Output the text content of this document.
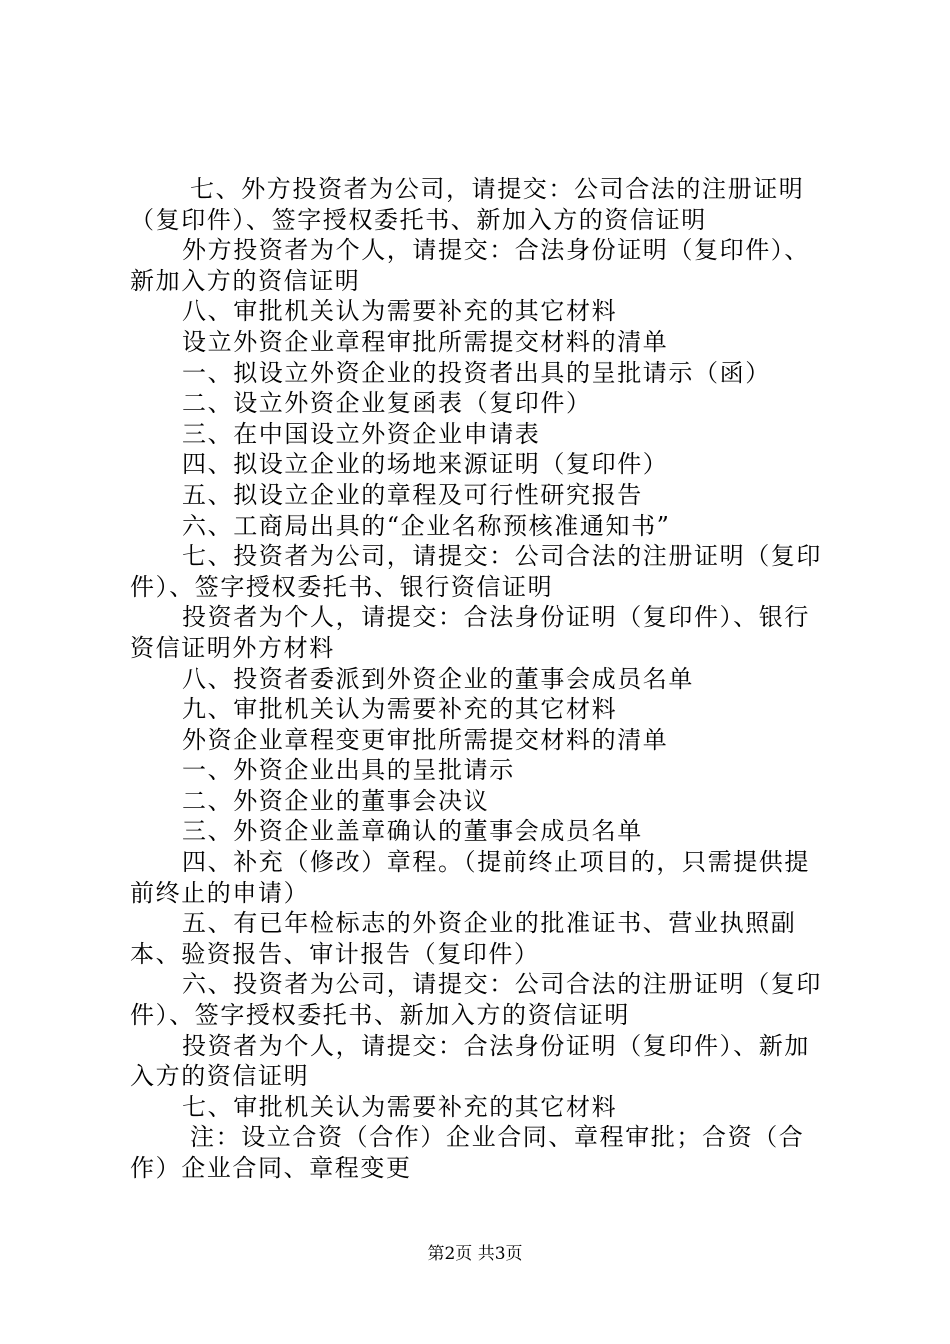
七、外方投资者为公司，请提交：公司合法的注册证明（复印件）、签字授权委托书、新加入方的资信证明

外方投资者为个人，请提交：合法身份证明（复印件）、新加入方的资信证明

八、审批机关认为需要补充的其它材料

设立外资企业章程审批所需提交材料的清单

一、拟设立外资企业的投资者出具的呈批请示（函）

二、设立外资企业复函表（复印件）

三、在中国设立外资企业申请表

四、拟设立企业的场地来源证明（复印件）

五、拟设立企业的章程及可行性研究报告

六、工商局出具的“企业名称预核准通知书”

七、投资者为公司，请提交：公司合法的注册证明（复印件）、签字授权委托书、银行资信证明

投资者为个人，请提交：合法身份证明（复印件）、银行资信证明外方材料

八、投资者委派到外资企业的董事会成员名单

九、审批机关认为需要补充的其它材料

外资企业章程变更审批所需提交材料的清单

一、外资企业出具的呈批请示

二、外资企业的董事会决议

三、外资企业盖章确认的董事会成员名单

四、补充（修改）章程。（提前终止项目的，只需提供提前终止的申请）

五、有已年检标志的外资企业的批准证书、营业执照副本、验资报告、审计报告（复印件）

六、投资者为公司，请提交：公司合法的注册证明（复印件）、签字授权委托书、新加入方的资信证明

投资者为个人，请提交：合法身份证明（复印件）、新加入方的资信证明

七、审批机关认为需要补充的其它材料

注：设立合资（合作）企业合同、章程审批；合资（合作）企业合同、章程变更

第2页 共3页
